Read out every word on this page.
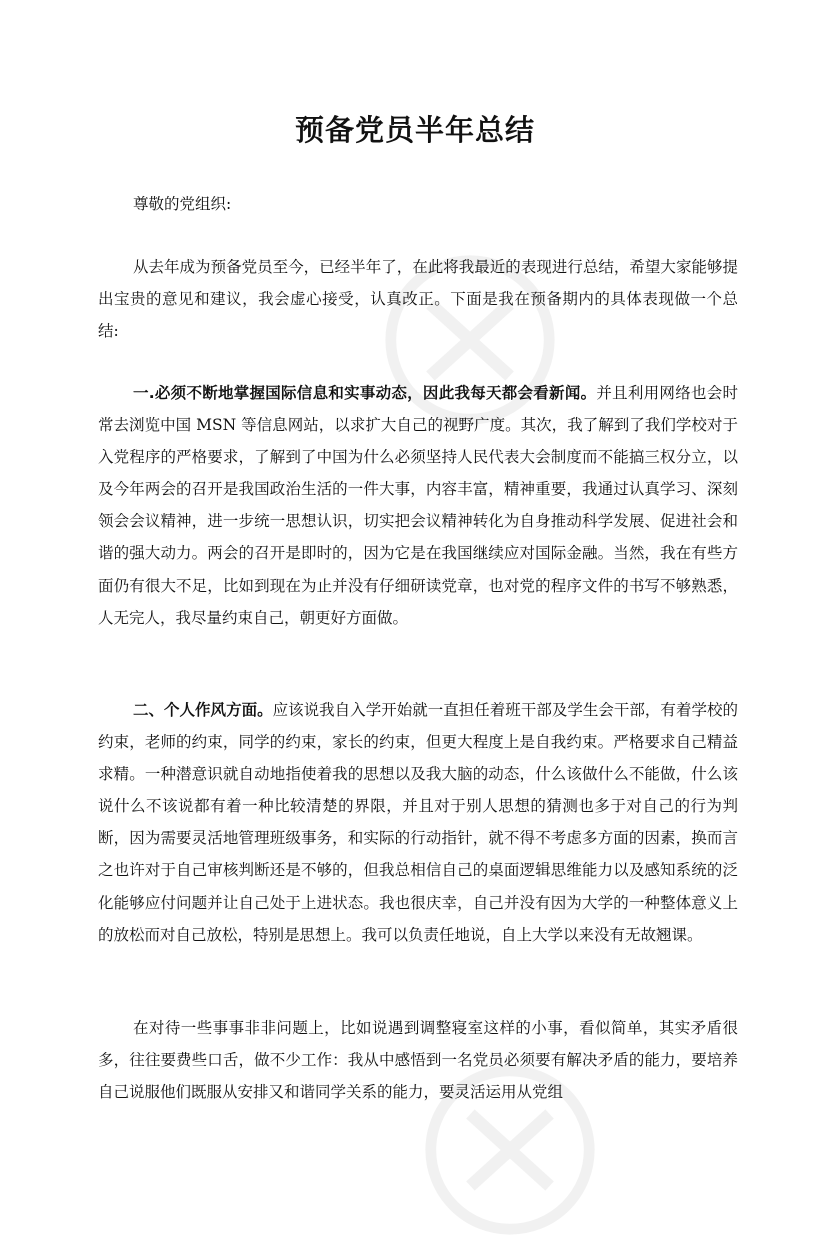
预备党员半年总结

尊敬的党组织:

从去年成为预备党员至今，已经半年了，在此将我最近的表现进行总结，希望大家能够提出宝贵的意见和建议，我会虚心接受，认真改正。下面是我在预备期内的具体表现做一个总结:

一.必须不断地掌握国际信息和实事动态，因此我每天都会看新闻。并且利用网络也会时常去浏览中国 MSN 等信息网站，以求扩大自己的视野广度。其次，我了解到了我们学校对于入党程序的严格要求，了解到了中国为什么必须坚持人民代表大会制度而不能搞三权分立，以及今年两会的召开是我国政治生活的一件大事，内容丰富，精神重要，我通过认真学习、深刻领会会议精神，进一步统一思想认识，切实把会议精神转化为自身推动科学发展、促进社会和谐的强大动力。两会的召开是即时的，因为它是在我国继续应对国际金融。当然，我在有些方面仍有很大不足，比如到现在为止并没有仔细研读党章，也对党的程序文件的书写不够熟悉，人无完人，我尽量约束自己，朝更好方面做。

二、个人作风方面。应该说我自入学开始就一直担任着班干部及学生会干部，有着学校的约束，老师的约束，同学的约束，家长的约束，但更大程度上是自我约束。严格要求自己精益求精。一种潜意识就自动地指使着我的思想以及我大脑的动态，什么该做什么不能做，什么该说什么不该说都有着一种比较清楚的界限，并且对于别人思想的猜测也多于对自己的行为判断，因为需要灵活地管理班级事务，和实际的行动指针，就不得不考虑多方面的因素，换而言之也许对于自己审核判断还是不够的，但我总相信自己的桌面逻辑思维能力以及感知系统的泛化能够应付问题并让自己处于上进状态。我也很庆幸，自己并没有因为大学的一种整体意义上的放松而对自己放松，特别是思想上。我可以负责任地说，自上大学以来没有无故翘课。

在对待一些事事非非问题上，比如说遇到调整寝室这样的小事，看似简单，其实矛盾很多，往往要费些口舌，做不少工作：我从中感悟到一名党员必须要有解决矛盾的能力，要培养自己说服他们既服从安排又和谐同学关系的能力，要灵活运用从党组
